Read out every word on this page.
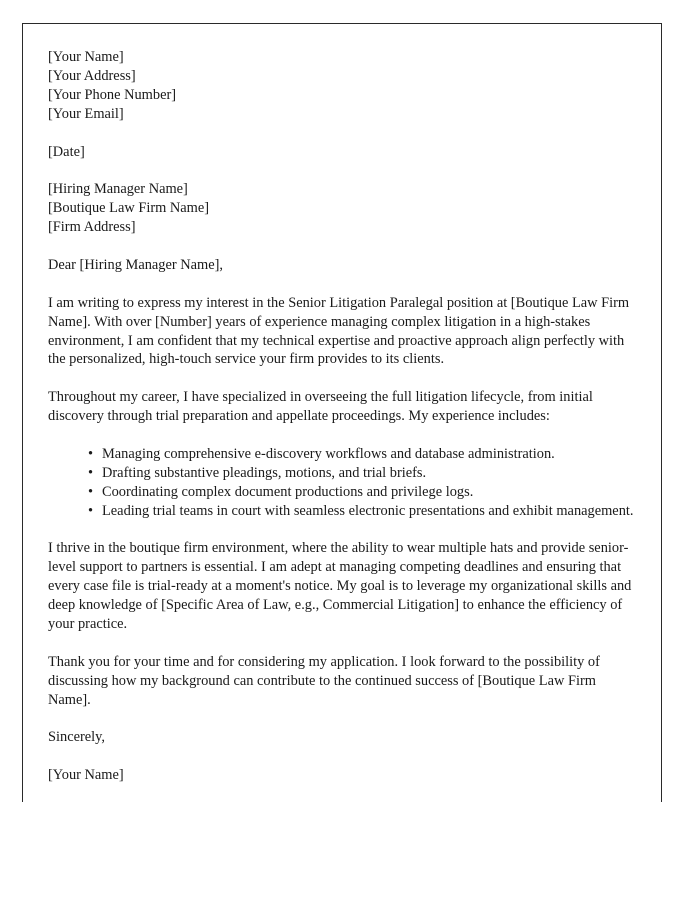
[Your Name]
[Your Address]
[Your Phone Number]
[Your Email]
[Date]
[Hiring Manager Name]
[Boutique Law Firm Name]
[Firm Address]
Dear [Hiring Manager Name],

I am writing to express my interest in the Senior Litigation Paralegal position at [Boutique Law Firm Name]. With over [Number] years of experience managing complex litigation in a high-stakes environment, I am confident that my technical expertise and proactive approach align perfectly with the personalized, high-touch service your firm provides to its clients.

Throughout my career, I have specialized in overseeing the full litigation lifecycle, from initial discovery through trial preparation and appellate proceedings. My experience includes:

• Managing comprehensive e-discovery workflows and database administration.
• Drafting substantive pleadings, motions, and trial briefs.
• Coordinating complex document productions and privilege logs.
• Leading trial teams in court with seamless electronic presentations and exhibit management.

I thrive in the boutique firm environment, where the ability to wear multiple hats and provide senior-level support to partners is essential. I am adept at managing competing deadlines and ensuring that every case file is trial-ready at a moment's notice. My goal is to leverage my organizational skills and deep knowledge of [Specific Area of Law, e.g., Commercial Litigation] to enhance the efficiency of your practice.

Thank you for your time and for considering my application. I look forward to the possibility of discussing how my background can contribute to the continued success of [Boutique Law Firm Name].

Sincerely,
[Your Name]
